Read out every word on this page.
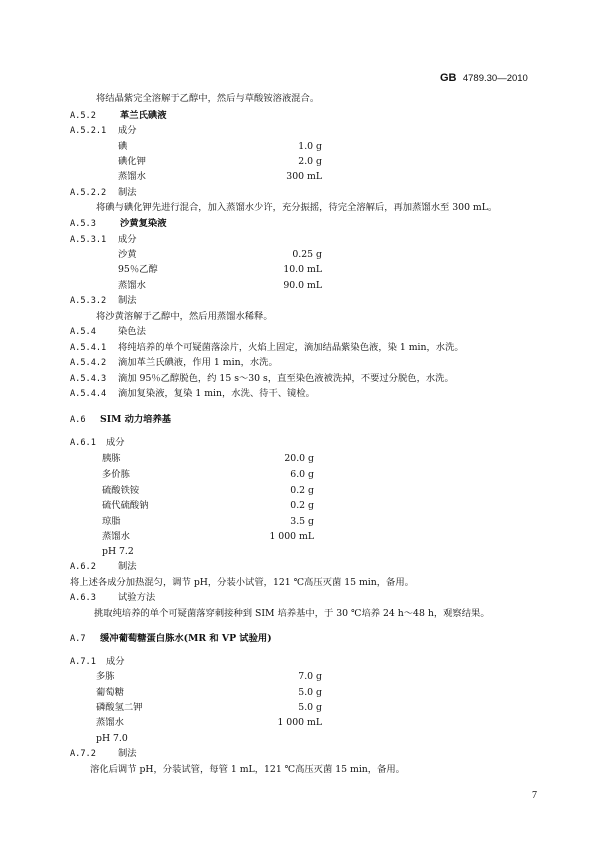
GB 4789.30—2010
将结晶紫完全溶解于乙醇中，然后与草酸铵溶液混合。
A.5.2	革兰氏碘液
A.5.2.1 成分
碘	1.0 g
碘化钾	2.0 g
蒸馏水	300 mL
A.5.2.2 制法
将碘与碘化钾先进行混合，加入蒸馏水少许，充分振摇，待完全溶解后，再加蒸馏水至 300 mL。
A.5.3	沙黄复染液
A.5.3.1 成分
沙黄	0.25 g
95％乙醇	10.0 mL
蒸馏水	90.0 mL
A.5.3.2 制法
将沙黄溶解于乙醇中，然后用蒸馏水稀释。
A.5.4 染色法
A.5.4.1 将纯培养的单个可疑菌落涂片，火焰上固定，滴加结晶紫染色液，染 1 min，水洗。
A.5.4.2 滴加革兰氏碘液，作用 1 min，水洗。
A.5.4.3 滴加 95％乙醇脱色，约 15 s～30 s，直至染色液被洗掉，不要过分脱色，水洗。
A.5.4.4 滴加复染液，复染 1 min，水洗、待干、镜检。
A.6 SIM 动力培养基
A.6.1 成分
胰胨	20.0 g
多价胨	6.0 g
硫酸铁铵	0.2 g
硫代硫酸钠	0.2 g
琼脂	3.5 g
蒸馏水	1 000 mL
pH 7.2
A.6.2 制法
将上述各成分加热混匀，调节 pH，分装小试管，121 ℃高压灭菌 15 min，备用。
A.6.3 试验方法
挑取纯培养的单个可疑菌落穿刺接种到 SIM 培养基中，于 30 ℃培养 24 h～48 h，观察结果。
A.7 缓冲葡萄糖蛋白胨水(MR 和 VP 试验用)
A.7.1 成分
多胨	7.0 g
葡萄糖	5.0 g
磷酸氢二钾	5.0 g
蒸馏水	1 000 mL
pH 7.0
A.7.2 制法
溶化后调节 pH，分装试管，每管 1 mL，121 ℃高压灭菌 15 min，备用。
7
